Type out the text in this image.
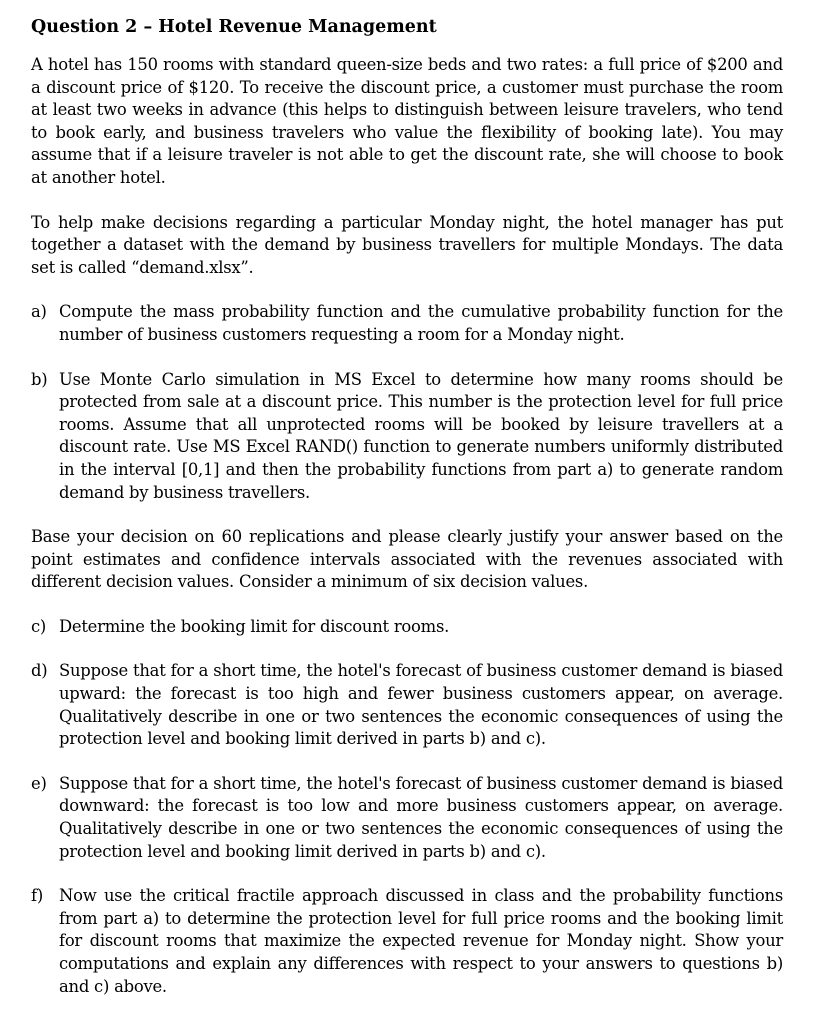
Question 2 – Hotel Revenue Management
A hotel has 150 rooms with standard queen-size beds and two rates: a full price of $200 and a discount price of $120. To receive the discount price, a customer must purchase the room at least two weeks in advance (this helps to distinguish between leisure travelers, who tend to book early, and business travelers who value the flexibility of booking late). You may assume that if a leisure traveler is not able to get the discount rate, she will choose to book at another hotel.
To help make decisions regarding a particular Monday night, the hotel manager has put together a dataset with the demand by business travellers for multiple Mondays. The data set is called “demand.xlsx”.
a) Compute the mass probability function and the cumulative probability function for the number of business customers requesting a room for a Monday night.
b) Use Monte Carlo simulation in MS Excel to determine how many rooms should be protected from sale at a discount price. This number is the protection level for full price rooms. Assume that all unprotected rooms will be booked by leisure travellers at a discount rate. Use MS Excel RAND() function to generate numbers uniformly distributed in the interval [0,1] and then the probability functions from part a) to generate random demand by business travellers.
Base your decision on 60 replications and please clearly justify your answer based on the point estimates and confidence intervals associated with the revenues associated with different decision values. Consider a minimum of six decision values.
c) Determine the booking limit for discount rooms.
d) Suppose that for a short time, the hotel's forecast of business customer demand is biased upward: the forecast is too high and fewer business customers appear, on average. Qualitatively describe in one or two sentences the economic consequences of using the protection level and booking limit derived in parts b) and c).
e) Suppose that for a short time, the hotel's forecast of business customer demand is biased downward: the forecast is too low and more business customers appear, on average. Qualitatively describe in one or two sentences the economic consequences of using the protection level and booking limit derived in parts b) and c).
f) Now use the critical fractile approach discussed in class and the probability functions from part a) to determine the protection level for full price rooms and the booking limit for discount rooms that maximize the expected revenue for Monday night. Show your computations and explain any differences with respect to your answers to questions b) and c) above.
